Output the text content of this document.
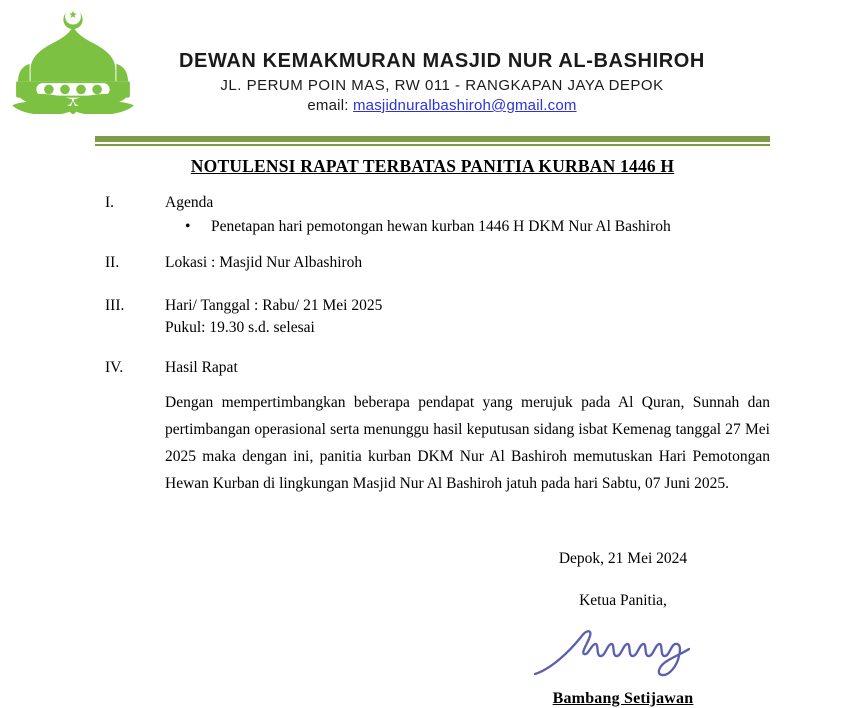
DEWAN KEMAKMURAN MASJID NUR AL-BASHIROH
JL. PERUM POIN MAS, RW 011 - RANGKAPAN JAYA DEPOK
email: masjidnuralbashiroh@gmail.com
NOTULENSI RAPAT TERBATAS PANITIA KURBAN 1446 H
I.	Agenda
•	Penetapan hari pemotongan hewan kurban 1446 H DKM Nur Al Bashiroh
II.	Lokasi : Masjid Nur Albashiroh
III.	Hari/ Tanggal : Rabu/ 21 Mei 2025
Pukul: 19.30 s.d. selesai
IV.	Hasil Rapat

Dengan mempertimbangkan beberapa pendapat yang merujuk pada Al Quran, Sunnah dan pertimbangan operasional serta menunggu hasil keputusan sidang isbat Kemenag tanggal 27 Mei 2025 maka dengan ini, panitia kurban DKM Nur Al Bashiroh memutuskan Hari Pemotongan Hewan Kurban di lingkungan Masjid Nur Al Bashiroh jatuh pada hari Sabtu, 07 Juni 2025.

Depok, 21 Mei 2024
Ketua Panitia,
Bambang Setijawan
